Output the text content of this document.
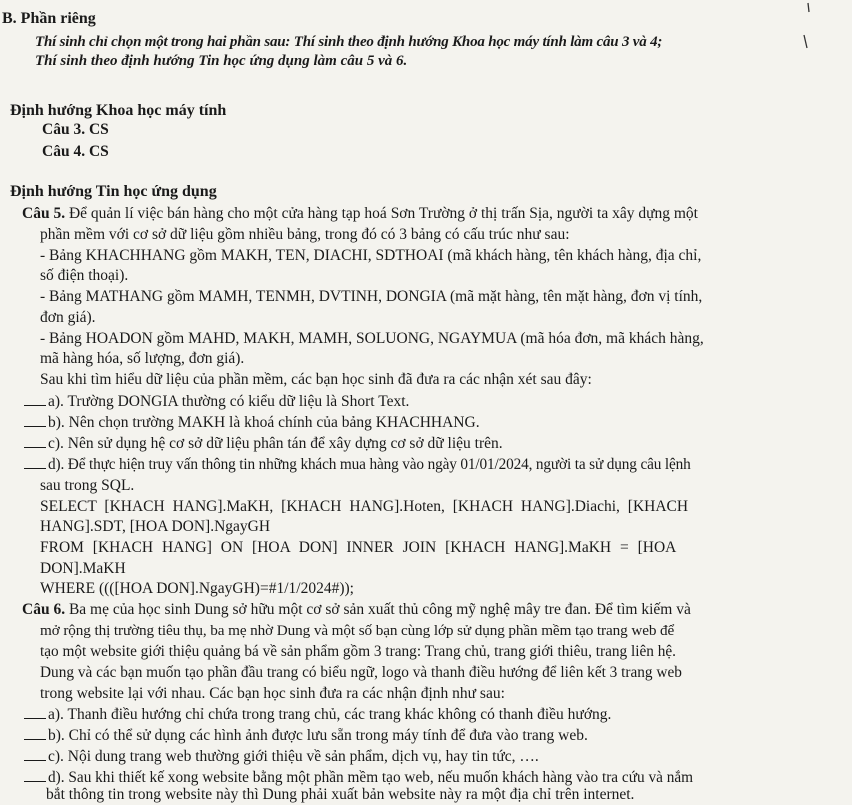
B. Phần riêng
Thí sinh chỉ chọn một trong hai phần sau: Thí sinh theo định hướng Khoa học máy tính làm câu 3 và 4;
Thí sinh theo định hướng Tin học ứng dụng làm câu 5 và 6.
Định hướng Khoa học máy tính
Câu 3. CS
Câu 4. CS
Định hướng Tin học ứng dụng
Câu 5. Để quản lí việc bán hàng cho một cửa hàng tạp hoá Sơn Trường ở thị trấn Sịa, người ta xây dựng một
phần mềm với cơ sở dữ liệu gồm nhiều bảng, trong đó có 3 bảng có cấu trúc như sau:
- Bảng KHACHHANG gồm MAKH, TEN, DIACHI, SDTHOAI (mã khách hàng, tên khách hàng, địa chỉ,
số điện thoại).
- Bảng MATHANG gồm MAMH, TENMH, DVTINH, DONGIA (mã mặt hàng, tên mặt hàng, đơn vị tính,
đơn giá).
- Bảng HOADON gồm MAHD, MAKH, MAMH, SOLUONG, NGAYMUA (mã hóa đơn, mã khách hàng,
mã hàng hóa, số lượng, đơn giá).
Sau khi tìm hiểu dữ liệu của phần mềm, các bạn học sinh đã đưa ra các nhận xét sau đây:
a). Trường DONGIA thường có kiểu dữ liệu là Short Text.
b). Nên chọn trường MAKH là khoá chính của bảng KHACHHANG.
c). Nên sử dụng hệ cơ sở dữ liệu phân tán để xây dựng cơ sở dữ liệu trên.
d). Để thực hiện truy vấn thông tin những khách mua hàng vào ngày 01/01/2024, người ta sử dụng câu lệnh
sau trong SQL.
SELECT [KHACH HANG].MaKH, [KHACH HANG].Hoten, [KHACH HANG].Diachi, [KHACH
HANG].SDT, [HOA DON].NgayGH
FROM [KHACH HANG] ON [HOA DON] INNER JOIN [KHACH HANG].MaKH = [HOA
DON].MaKH
WHERE ((([HOA DON].NgayGH)=#1/1/2024#));
Câu 6. Ba mẹ của học sinh Dung sở hữu một cơ sở sản xuất thủ công mỹ nghệ mây tre đan. Để tìm kiếm và
mở rộng thị trường tiêu thụ, ba mẹ nhờ Dung và một số bạn cùng lớp sử dụng phần mềm tạo trang web để
tạo một website giới thiệu quảng bá về sản phẩm gồm 3 trang: Trang chủ, trang giới thiêu, trang liên hệ.
Dung và các bạn muốn tạo phần đầu trang có biểu ngữ, logo và thanh điều hướng để liên kết 3 trang web
trong website lại với nhau. Các bạn học sinh đưa ra các nhận định như sau:
a). Thanh điều hướng chỉ chứa trong trang chủ, các trang khác không có thanh điều hướng.
b). Chỉ có thể sử dụng các hình ảnh được lưu sẵn trong máy tính để đưa vào trang web.
c). Nội dung trang web thường giới thiệu về sản phẩm, dịch vụ, hay tin tức, ….
d). Sau khi thiết kế xong website bằng một phần mềm tạo web, nếu muốn khách hàng vào tra cứu và nắm
bắt thông tin trong website này thì Dung phải xuất bản website này ra một địa chỉ trên internet.
